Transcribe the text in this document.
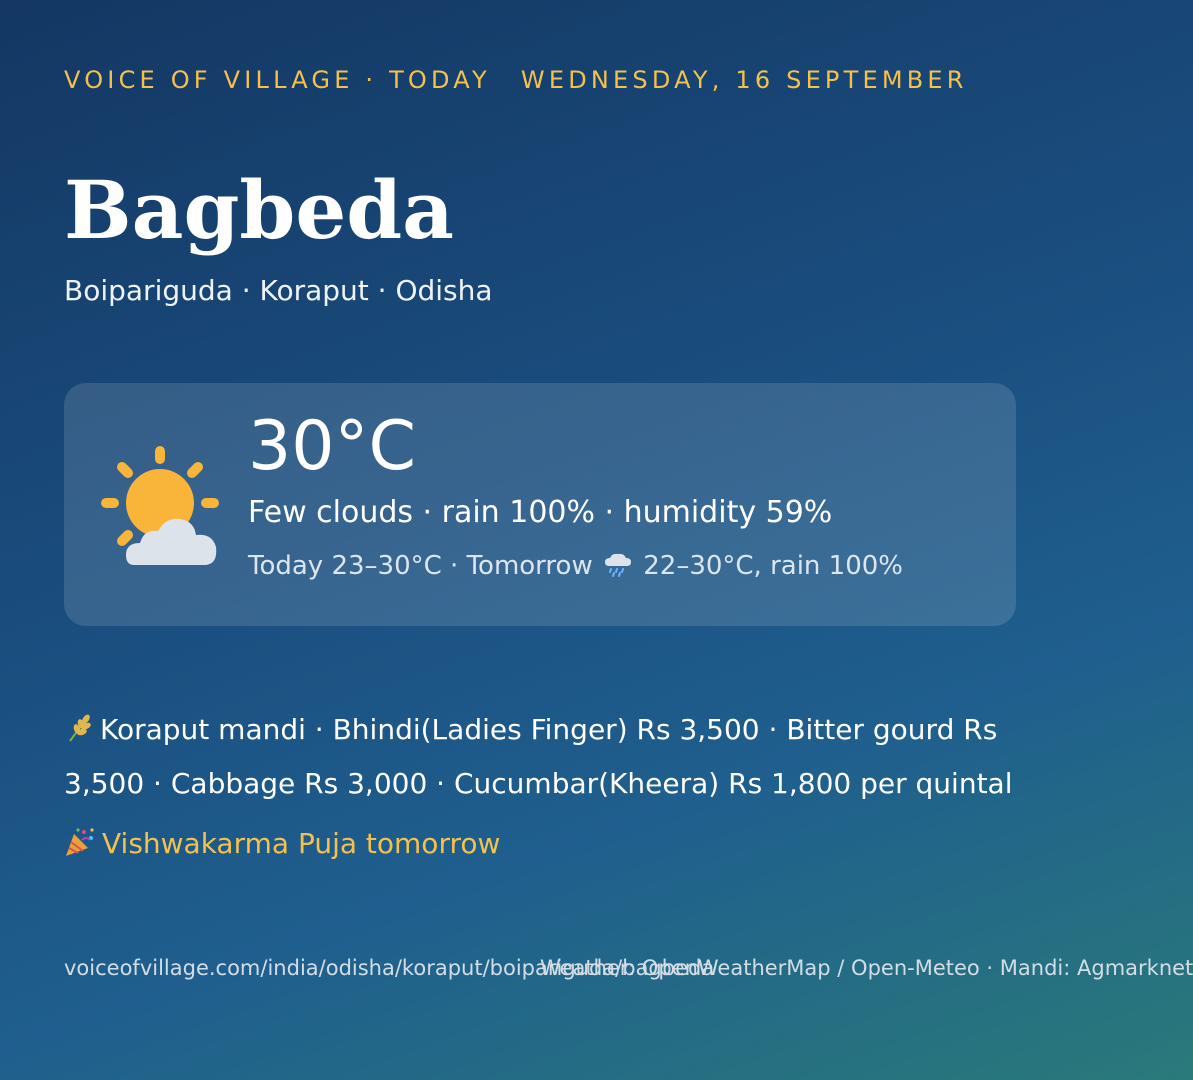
VOICE OF VILLAGE · TODAY WEDNESDAY, 16 SEPTEMBER
Bagbeda
Boipariguda · Koraput · Odisha
30°C
Few clouds · rain 100% · humidity 59%
Today 23–30°C · Tomorrow 22–30°C, rain 100%
Koraput mandi · Bhindi(Ladies Finger) Rs 3,500 · Bitter gourd Rs 3,500 · Cabbage Rs 3,000 · Cucumbar(Kheera) Rs 1,800 per quintal
Vishwakarma Puja tomorrow
voiceofvillage.com/india/odisha/koraput/boipariguda/bagbeda
Weather: OpenWeatherMap / Open-Meteo · Mandi: Agmarknet
